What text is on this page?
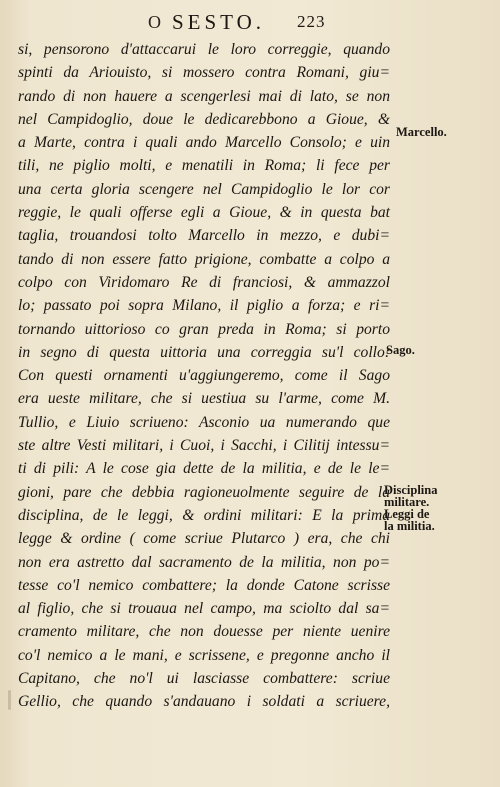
O SESTO. 223
si, pensorono d'attaccarui le loro correggie, quando
spinti da Ariouisto, si mossero contra Romani, giu=
rando di non hauere a scengerlesi mai di lato, se non
nel Campidoglio, doue le dedicarebbono a Gioue, &
a Marte, contra i quali ando Marcello Consolo; e uin
tili, ne piglio molti, e menatili in Roma; li fece per
una certa gloria scengere nel Campidoglio le lor cor
reggie, le quali offerse egli a Gioue, & in questa bat
taglia, trouandosi tolto Marcello in mezzo, e dubi=
tando di non essere fatto prigione, combatte a colpo a
colpo con Viridomaro Re di franciosi, & ammazzol
lo; passato poi sopra Milano, il piglio a forza; e ri=
tornando uittorioso co gran preda in Roma; si porto
in segno di questa uittoria una correggia su'l collo:
Con questi ornamenti u'aggiungeremo, come il Sago
era ueste militare, che si uestiua su l'arme, come M.
Tullio, e Liuio scriueno: Asconio ua numerando que
ste altre Vesti militari, i Cuoi, i Sacchi, i Cilitij intessu=
ti di pili: A le cose gia dette de la militia, e de le le=
gioni, pare che debbia ragioneuolmente seguire de la
disciplina, de le leggi, & ordini militari: E la prima
legge & ordine ( come scriue Plutarco ) era, che chi
non era astretto dal sacramento de la militia, non po=
tesse co'l nemico combattere; la donde Catone scrisse
al figlio, che si trouaua nel campo, ma sciolto dal sa=
cramento militare, che non douesse per niente uenire
co'l nemico a le mani, e scrissene, e pregonne ancho il
Capitano, che no'l ui lasciasse combattere: scriue
Gellio, che quando s'andauano i soldati a scriuere,
Marcello.
Sago.
Disciplina
militare.
Leggi de
la militia.
